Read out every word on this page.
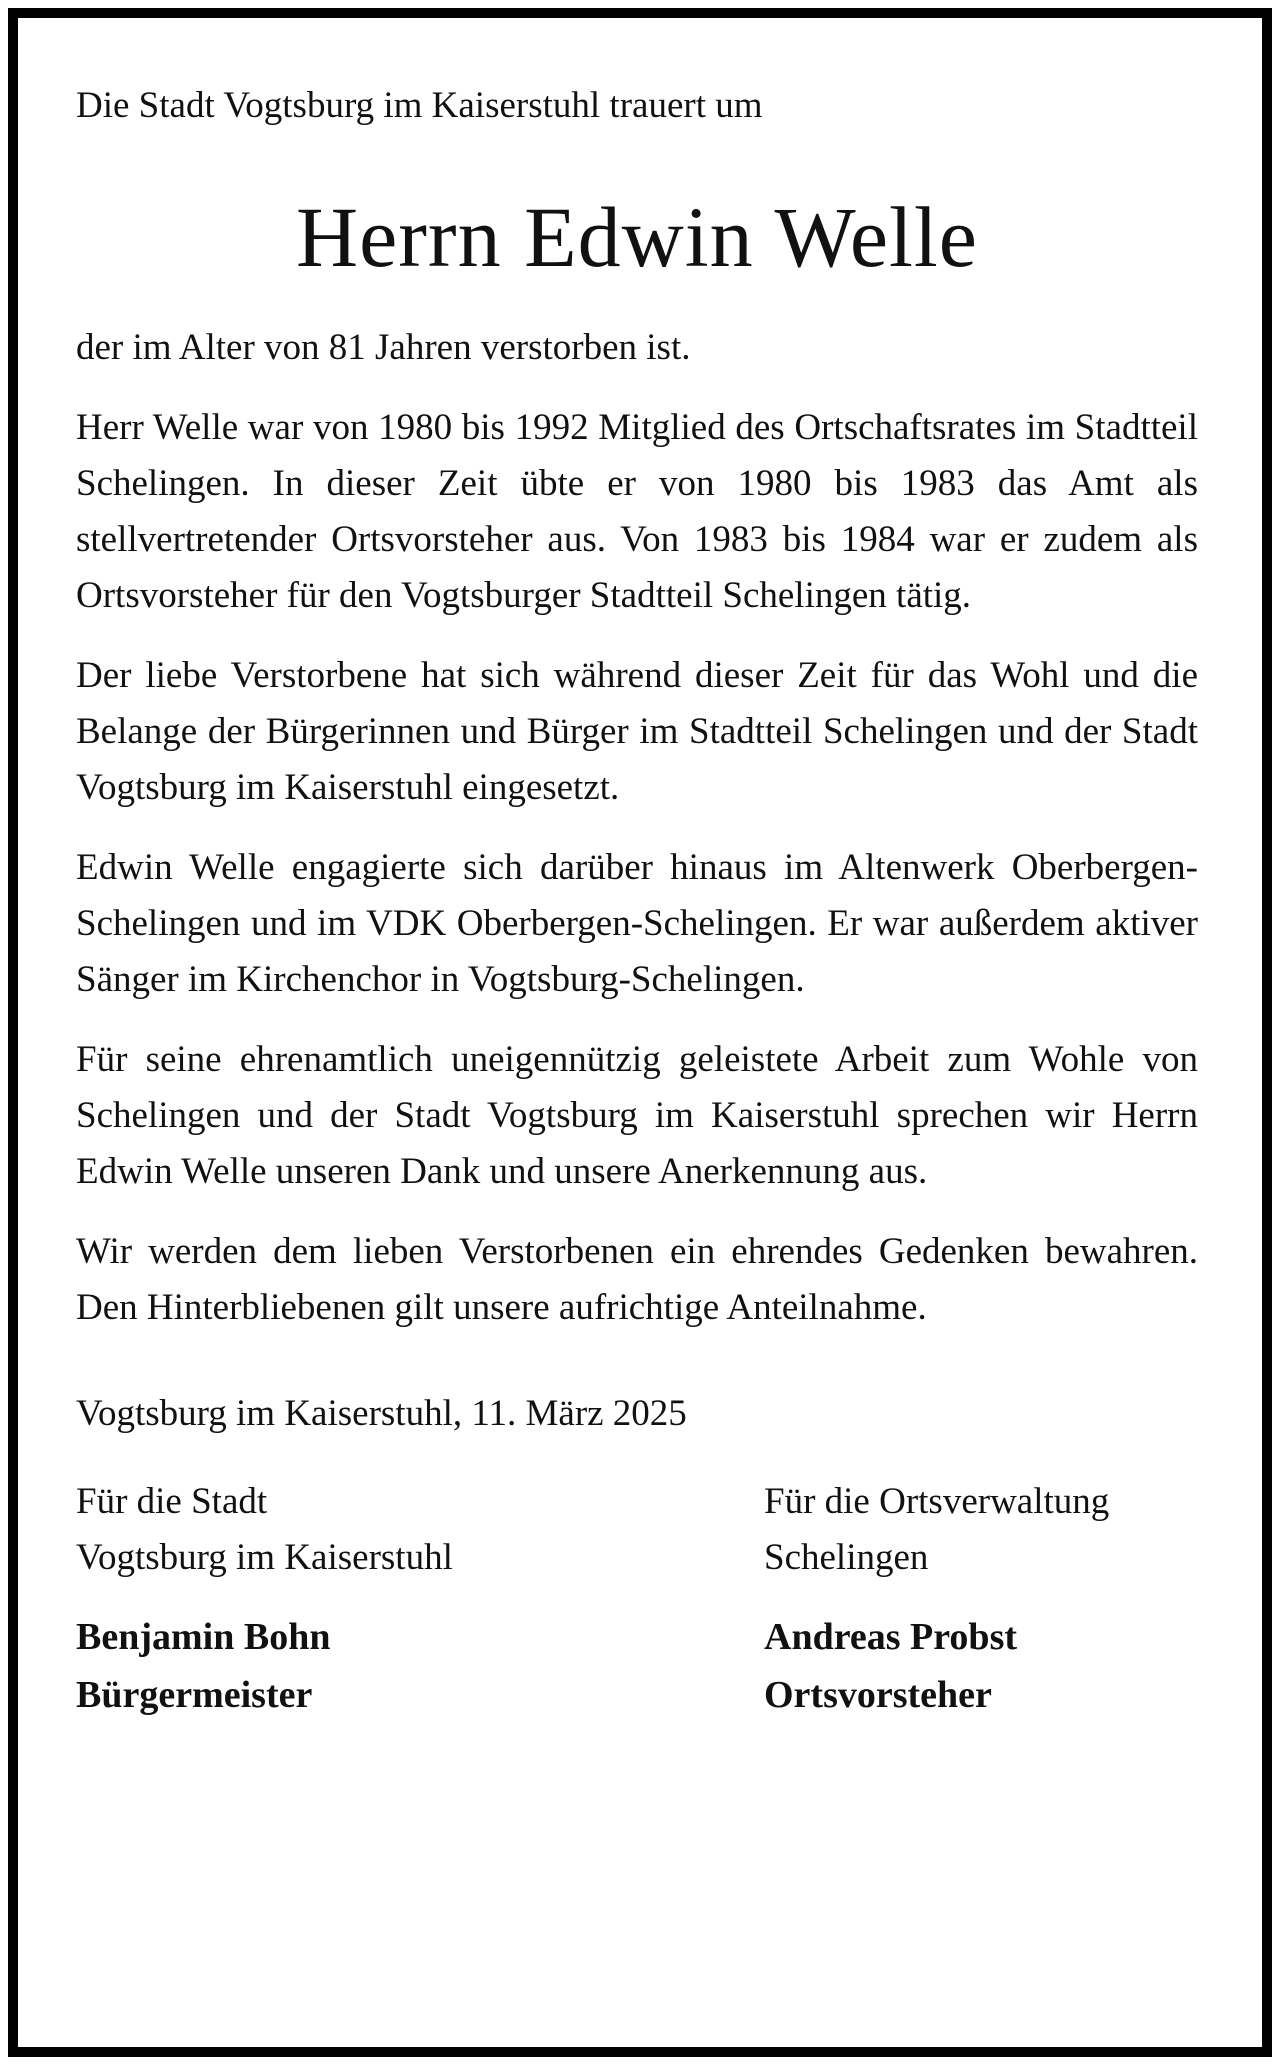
Die Stadt Vogtsburg im Kaiserstuhl trauert um

Herrn Edwin Welle

der im Alter von 81 Jahren verstorben ist.

Herr Welle war von 1980 bis 1992 Mitglied des Ortschaftsrates im Stadtteil Schelingen. In dieser Zeit übte er von 1980 bis 1983 das Amt als stellvertretender Ortsvorsteher aus. Von 1983 bis 1984 war er zudem als Ortsvorsteher für den Vogtsburger Stadtteil Schelingen tätig.

Der liebe Verstorbene hat sich während dieser Zeit für das Wohl und die Belange der Bürgerinnen und Bürger im Stadtteil Schelingen und der Stadt Vogtsburg im Kaiserstuhl eingesetzt.

Edwin Welle engagierte sich darüber hinaus im Altenwerk Oberbergen-Schelingen und im VDK Oberbergen-Schelingen. Er war außerdem aktiver Sänger im Kirchenchor in Vogtsburg-Schelingen.

Für seine ehrenamtlich uneigennützig geleistete Arbeit zum Wohle von Schelingen und der Stadt Vogtsburg im Kaiserstuhl sprechen wir Herrn Edwin Welle unseren Dank und unsere Anerkennung aus.

Wir werden dem lieben Verstorbenen ein ehrendes Gedenken bewahren. Den Hinterbliebenen gilt unsere aufrichtige Anteilnahme.

Vogtsburg im Kaiserstuhl, 11. März 2025

Für die Stadt

Vogtsburg im Kaiserstuhl

Benjamin Bohn

Bürgermeister

Für die Ortsverwaltung

Schelingen

Andreas Probst

Ortsvorsteher
